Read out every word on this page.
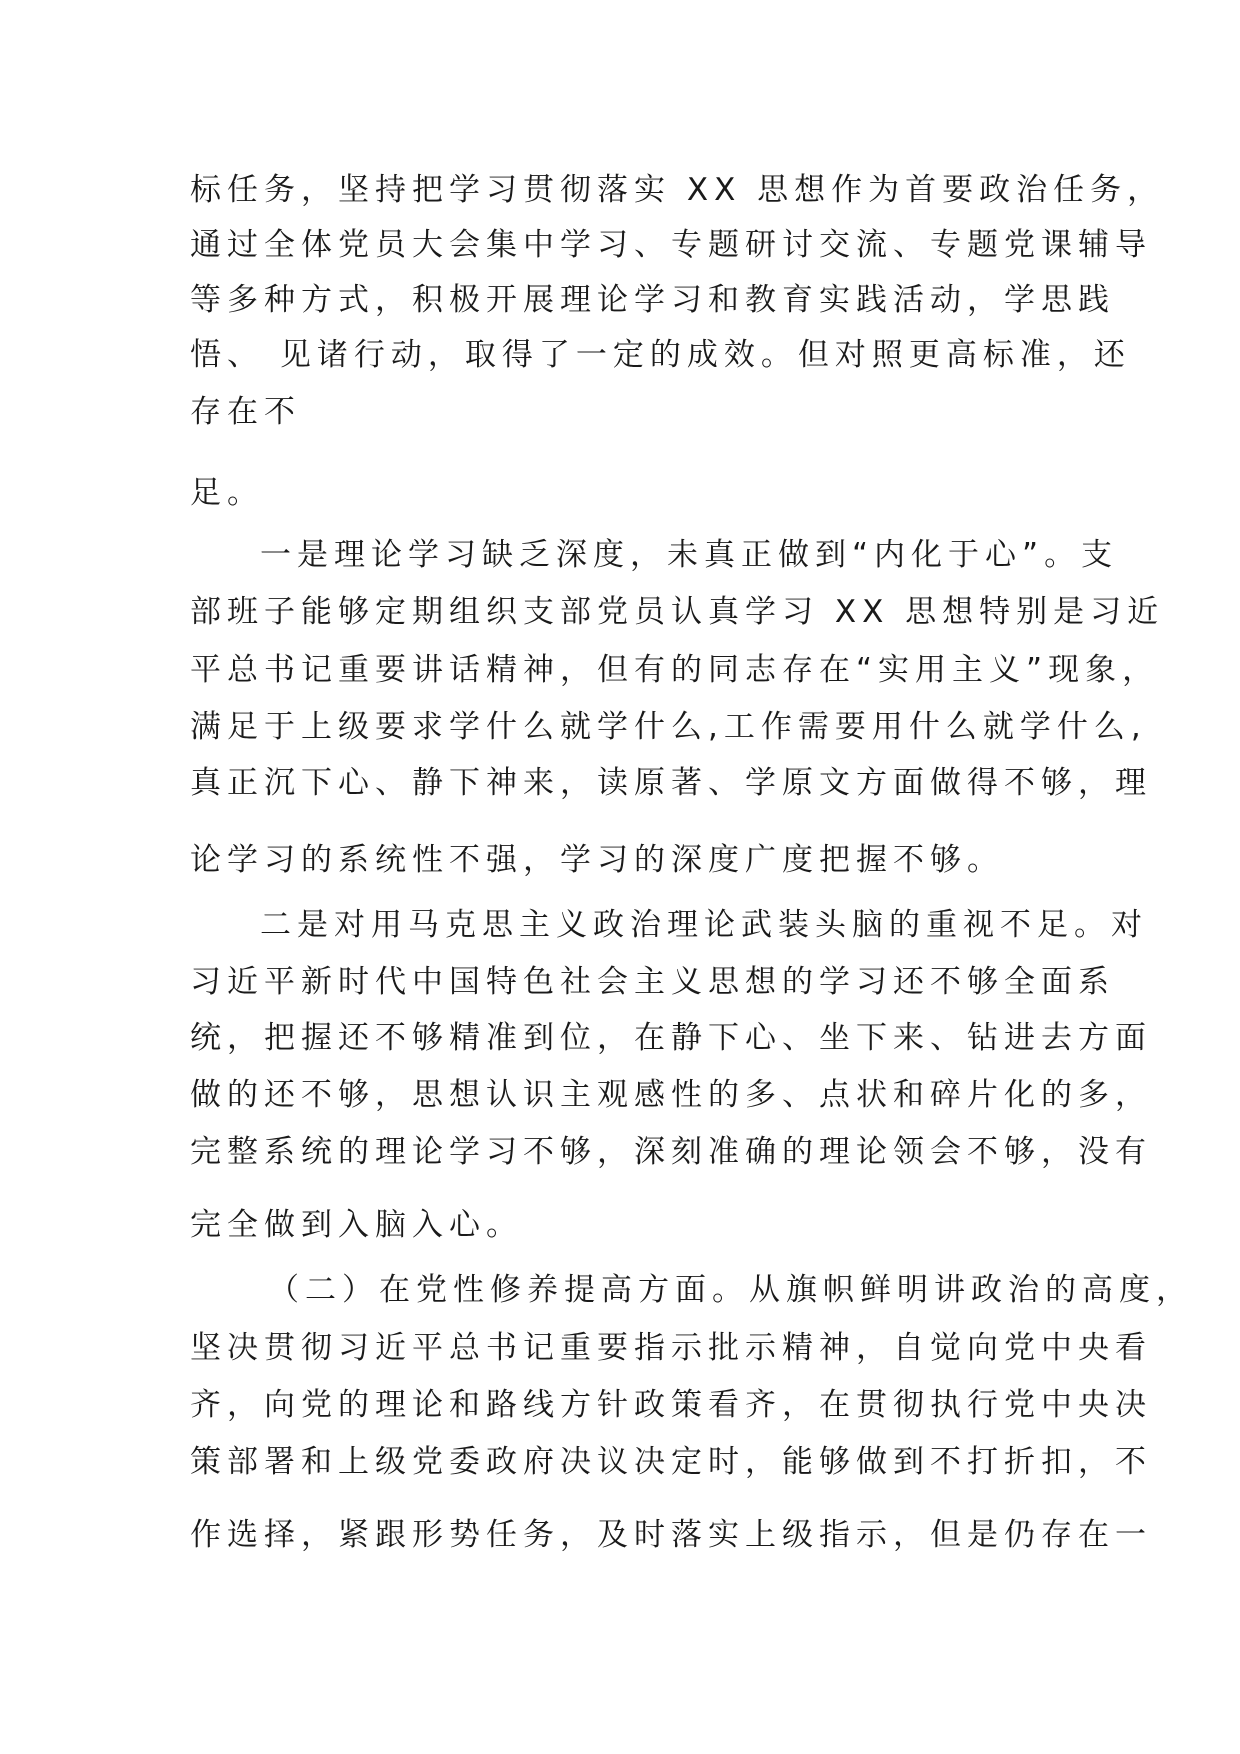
标任务，坚持把学习贯彻落实 XX 思想作为首要政治任务，
通过全体党员大会集中学习、专题研讨交流、专题党课辅导
等多种方式，积极开展理论学习和教育实践活动，学思践
悟、 见诸行动，取得了一定的成效。但对照更高标准，还
存在不
足。
一是理论学习缺乏深度，未真正做到“内化于心”。支
部班子能够定期组织支部党员认真学习 XX 思想特别是习近
平总书记重要讲话精神，但有的同志存在“实用主义”现象，
满足于上级要求学什么就学什么,工作需要用什么就学什么,
真正沉下心、静下神来，读原著、学原文方面做得不够，理
论学习的系统性不强，学习的深度广度把握不够。
二是对用马克思主义政治理论武装头脑的重视不足。对
习近平新时代中国特色社会主义思想的学习还不够全面系
统，把握还不够精准到位，在静下心、坐下来、钻进去方面
做的还不够，思想认识主观感性的多、点状和碎片化的多，
完整系统的理论学习不够，深刻准确的理论领会不够，没有
完全做到入脑入心。
（二）在党性修养提高方面。从旗帜鲜明讲政治的高度，
坚决贯彻习近平总书记重要指示批示精神，自觉向党中央看
齐，向党的理论和路线方针政策看齐，在贯彻执行党中央决
策部署和上级党委政府决议决定时，能够做到不打折扣，不
作选择，紧跟形势任务，及时落实上级指示，但是仍存在一
